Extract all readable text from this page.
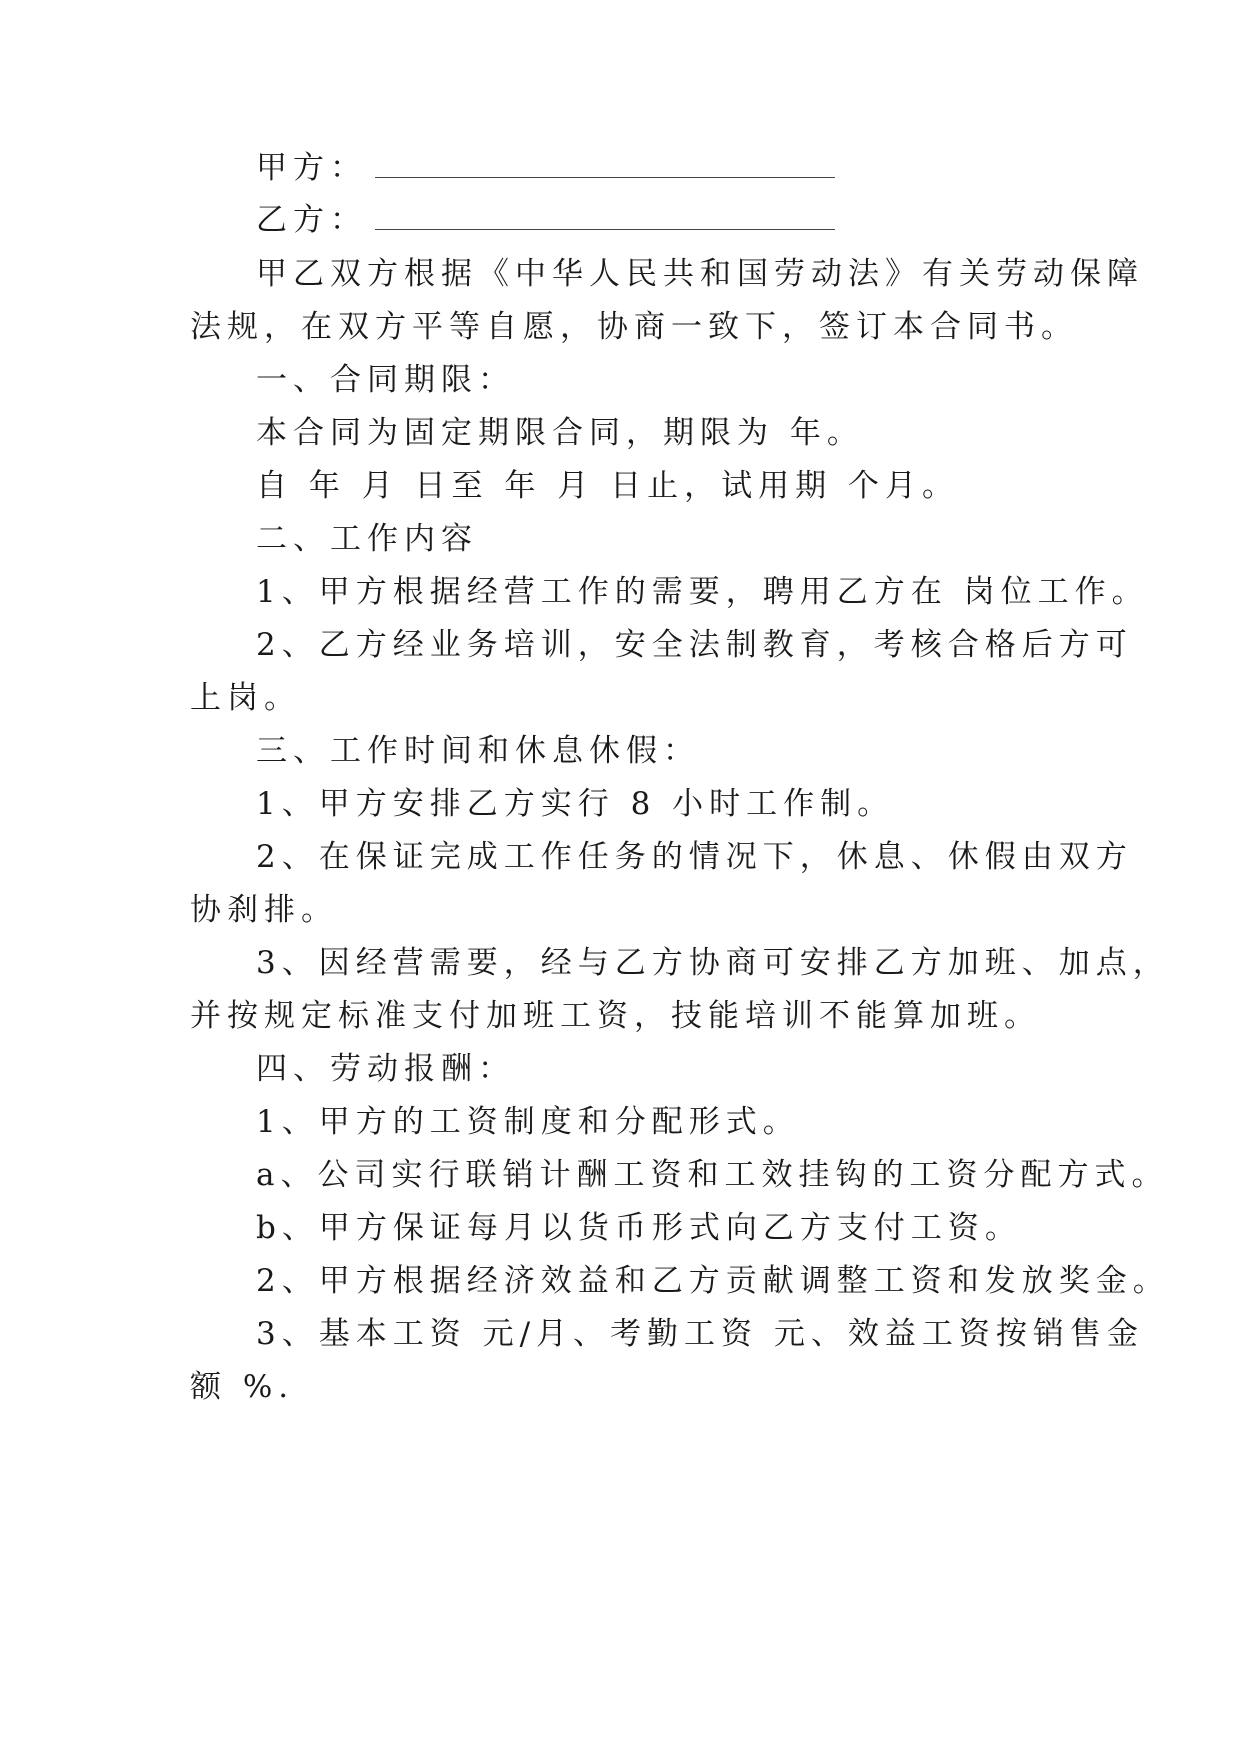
甲方：
乙方：
甲乙双方根据《中华人民共和国劳动法》有关劳动保障
法规，在双方平等自愿，协商一致下，签订本合同书。
一、合同期限：
本合同为固定期限合同，期限为 年。
自 年 月 日至 年 月 日止，试用期 个月。
二、工作内容
1、甲方根据经营工作的需要，聘用乙方在 岗位工作。
2、乙方经业务培训，安全法制教育，考核合格后方可
上岗。
三、工作时间和休息休假：
1、甲方安排乙方实行 8 小时工作制。
2、在保证完成工作任务的情况下，休息、休假由双方
协刹排。
3、因经营需要，经与乙方协商可安排乙方加班、加点，
并按规定标准支付加班工资，技能培训不能算加班。
四、劳动报酬：
1、甲方的工资制度和分配形式。
a、公司实行联销计酬工资和工效挂钩的工资分配方式。
b、甲方保证每月以货币形式向乙方支付工资。
2、甲方根据经济效益和乙方贡献调整工资和发放奖金。
3、基本工资 元/月、考勤工资 元、效益工资按销售金
额 %.
